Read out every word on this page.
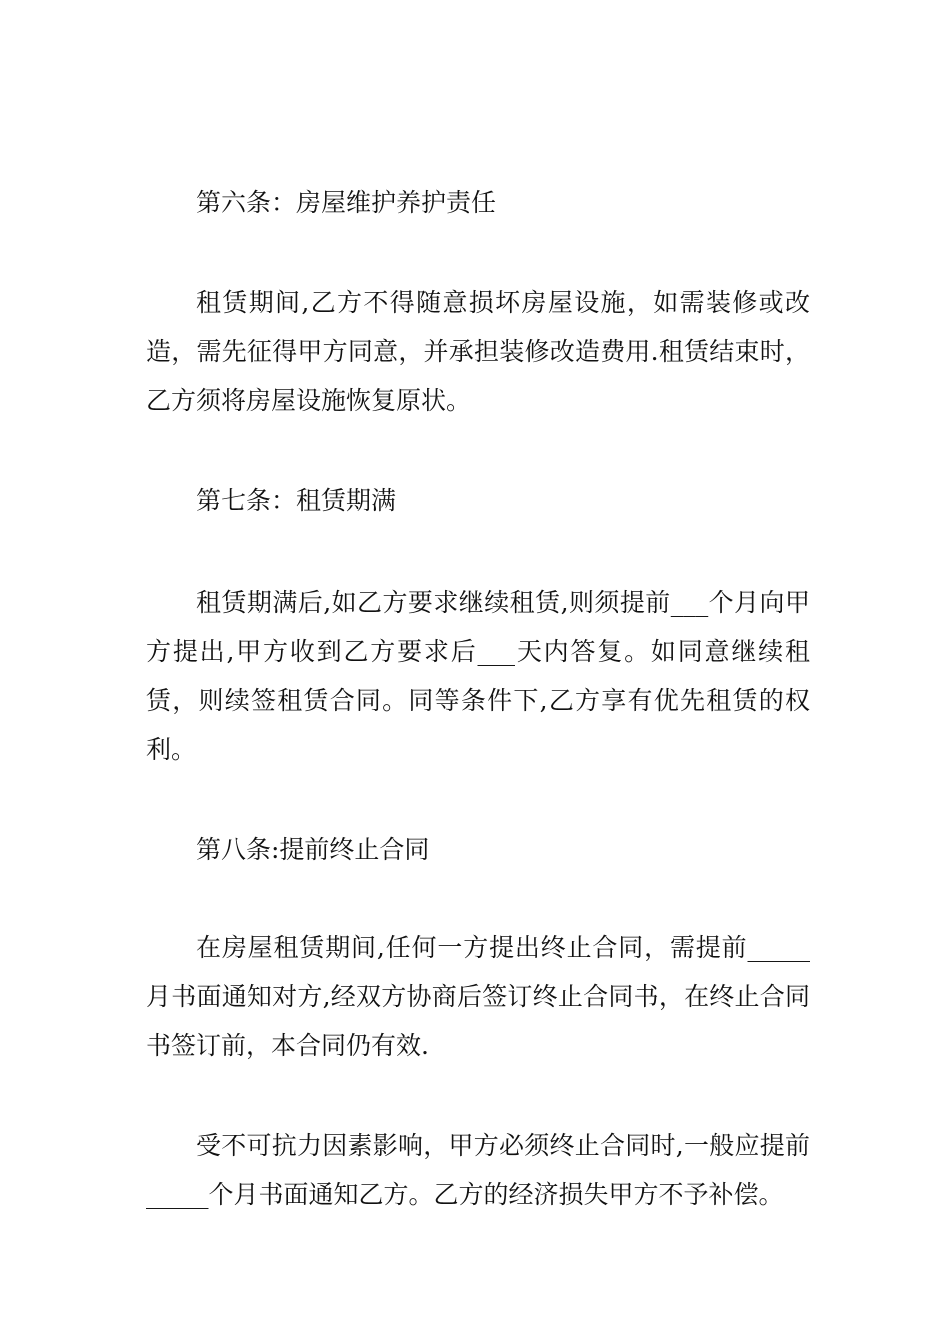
第六条：房屋维护养护责任

租赁期间,乙方不得随意损坏房屋设施，如需装修或改造，需先征得甲方同意，并承担装修改造费用.租赁结束时，乙方须将房屋设施恢复原状。

第七条：租赁期满

租赁期满后,如乙方要求继续租赁,则须提前___个月向甲方提出,甲方收到乙方要求后___天内答复。如同意继续租赁，则续签租赁合同。同等条件下,乙方享有优先租赁的权利。

第八条:提前终止合同

在房屋租赁期间,任何一方提出终止合同，需提前_____月书面通知对方,经双方协商后签订终止合同书，在终止合同书签订前，本合同仍有效.

受不可抗力因素影响，甲方必须终止合同时,一般应提前_____个月书面通知乙方。乙方的经济损失甲方不予补偿。
